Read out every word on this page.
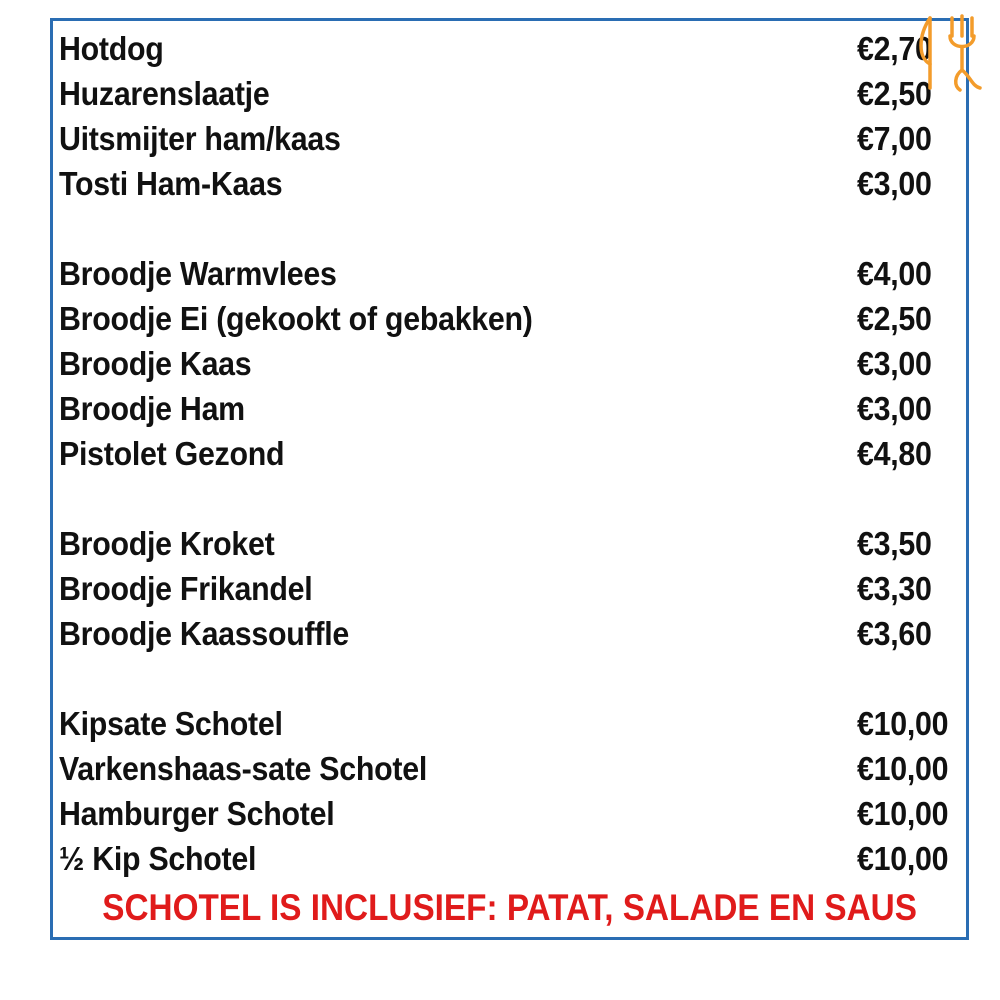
Hotdog	€2,70
Huzarenslaatje	€2,50
Uitsmijter ham/kaas	€7,00
Tosti Ham-Kaas	€3,00
Broodje Warmvlees	€4,00
Broodje Ei (gekookt of gebakken)	€2,50
Broodje Kaas	€3,00
Broodje Ham	€3,00
Pistolet Gezond	€4,80
Broodje Kroket	€3,50
Broodje Frikandel	€3,30
Broodje Kaassouffle	€3,60
Kipsate Schotel	€10,00
Varkenshaas-sate Schotel	€10,00
Hamburger Schotel	€10,00
½ Kip Schotel	€10,00
SCHOTEL IS INCLUSIEF: PATAT, SALADE EN SAUS
